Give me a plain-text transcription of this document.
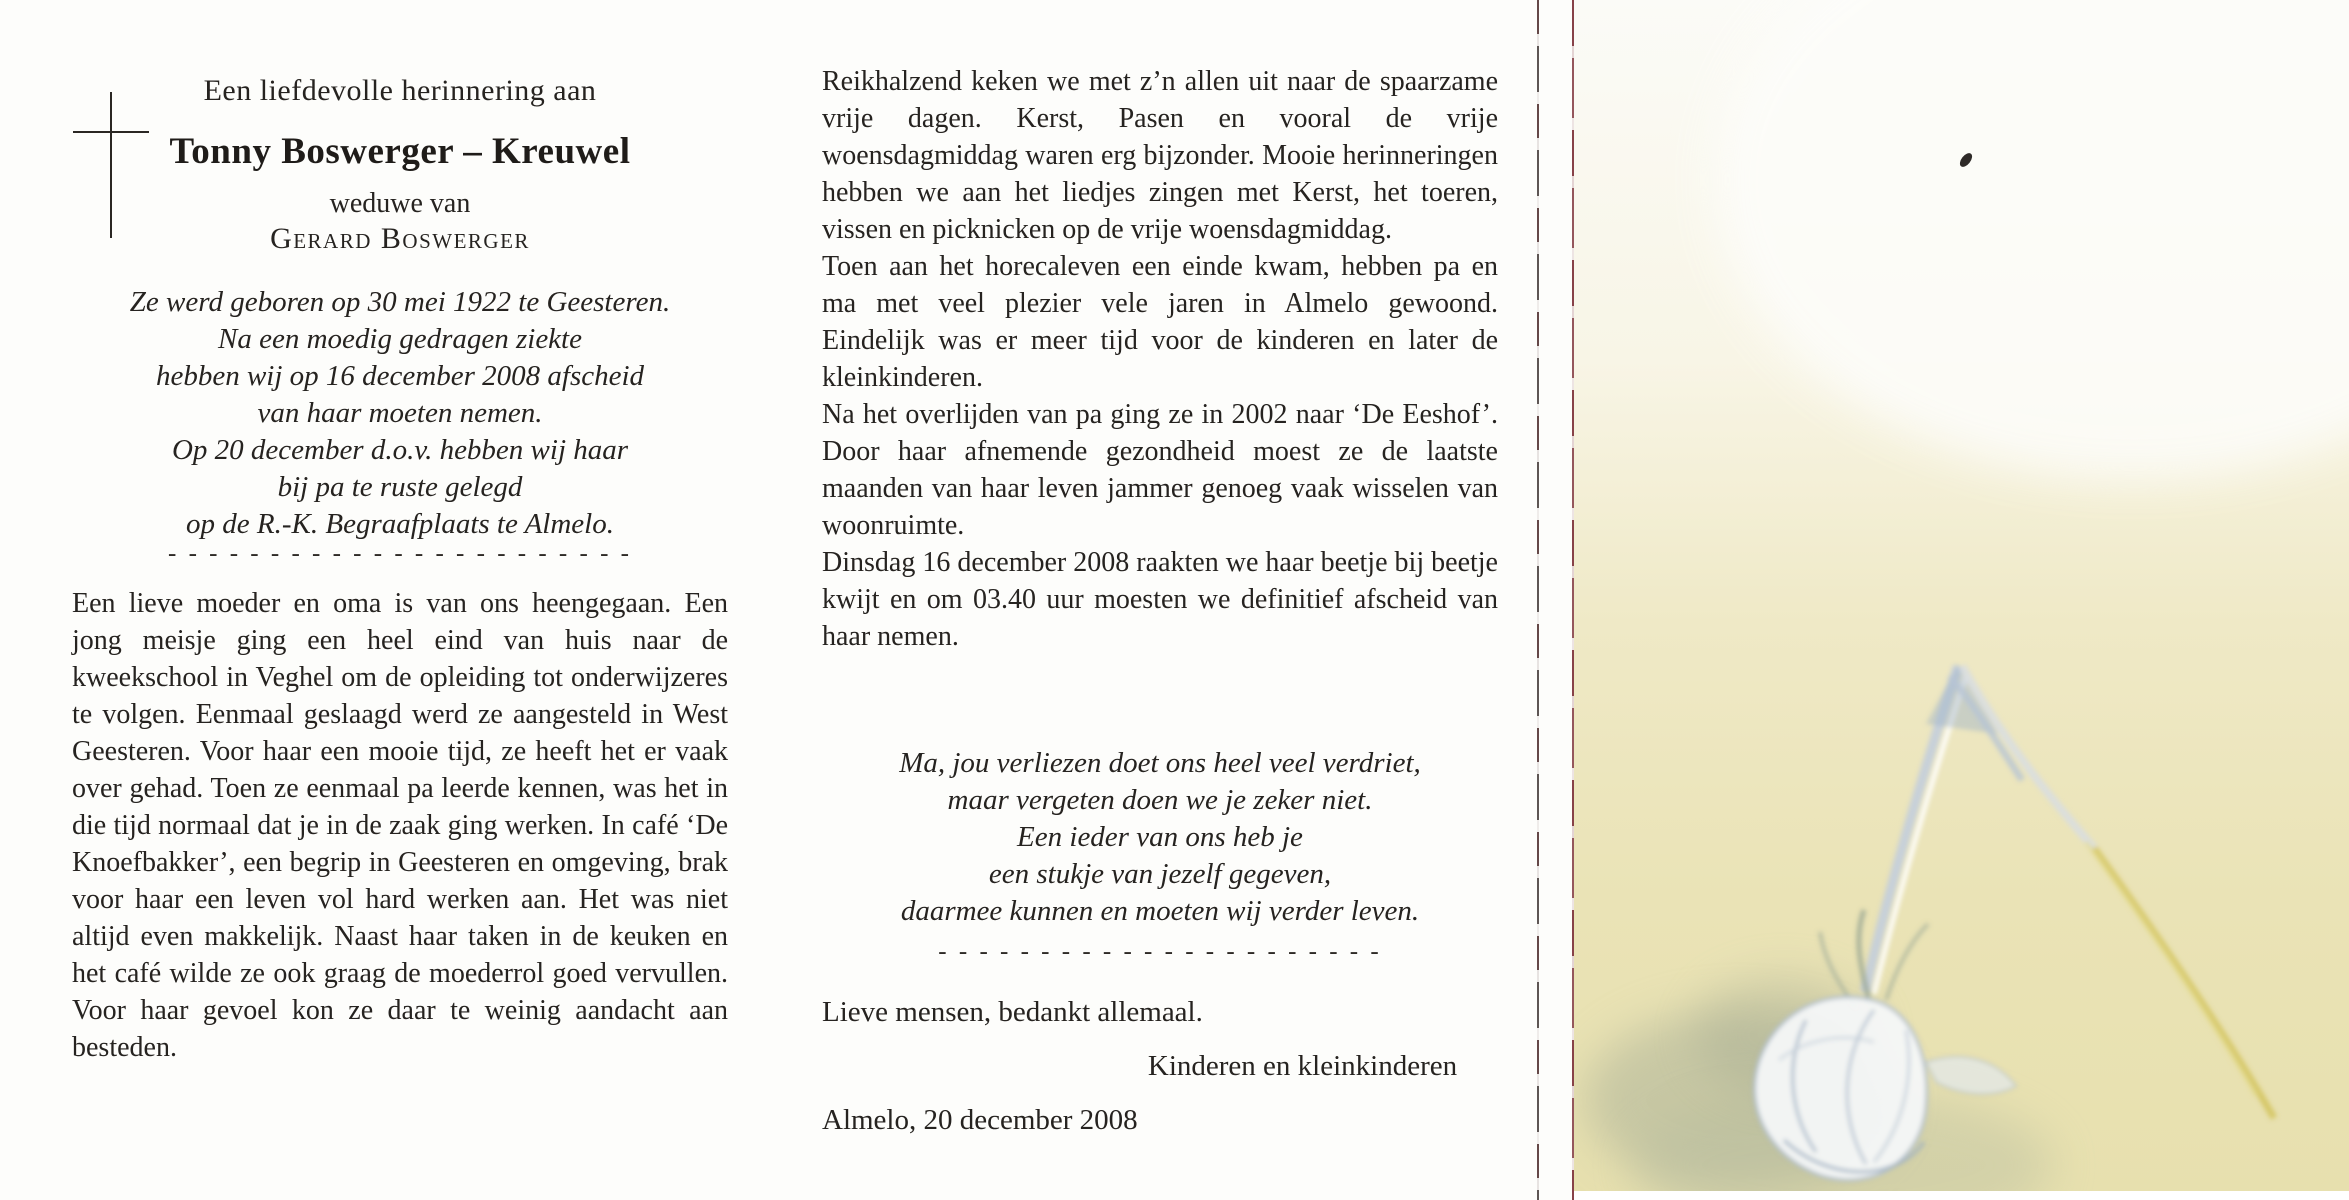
Een liefdevolle herinnering aan
Tonny Boswerger – Kreuwel
weduwe van
Gerard Boswerger
Ze werd geboren op 30 mei 1922 te Geesteren.
Na een moedig gedragen ziekte
hebben wij op 16 december 2008 afscheid
van haar moeten nemen.
Op 20 december d.o.v. hebben wij haar
bij pa te ruste gelegd
op de R.-K. Begraafplaats te Almelo.
- - - - - - - - - - - - - - - - - - - - - - -

Een lieve moeder en oma is van ons heengegaan. Een jong meisje ging een heel eind van huis naar de kweekschool in Veghel om de opleiding tot onderwijzeres te volgen. Eenmaal geslaagd werd ze aangesteld in West Geesteren. Voor haar een mooie tijd, ze heeft het er vaak over gehad. Toen ze eenmaal pa leerde kennen, was het in die tijd normaal dat je in de zaak ging werken. In café ‘De Knoefbakker’, een begrip in Geesteren en omgeving, brak voor haar een leven vol hard werken aan. Het was niet altijd even makkelijk. Naast haar taken in de keuken en het café wilde ze ook graag de moederrol goed vervullen. Voor haar gevoel kon ze daar te weinig aandacht aan besteden.

Reikhalzend keken we met z’n allen uit naar de spaarzame vrije dagen. Kerst, Pasen en vooral de vrije woensdagmiddag waren erg bijzonder. Mooie herinneringen hebben we aan het liedjes zingen met Kerst, het toeren, vissen en picknicken op de vrije woensdagmiddag.

Toen aan het horecaleven een einde kwam, hebben pa en ma met veel plezier vele jaren in Almelo gewoond. Eindelijk was er meer tijd voor de kinderen en later de kleinkinderen.

Na het overlijden van pa ging ze in 2002 naar ‘De Eeshof’. Door haar afnemende gezondheid moest ze de laatste maanden van haar leven jammer genoeg vaak wisselen van woonruimte.

Dinsdag 16 december 2008 raakten we haar beetje bij beetje kwijt en om 03.40 uur moesten we definitief afscheid van haar nemen.

Ma, jou verliezen doet ons heel veel verdriet,
maar vergeten doen we je zeker niet.
Een ieder van ons heb je
een stukje van jezelf gegeven,
daarmee kunnen en moeten wij verder leven.
- - - - - - - - - - - - - - - - - - - - - -
Lieve mensen, bedankt allemaal.
Kinderen en kleinkinderen
Almelo, 20 december 2008
